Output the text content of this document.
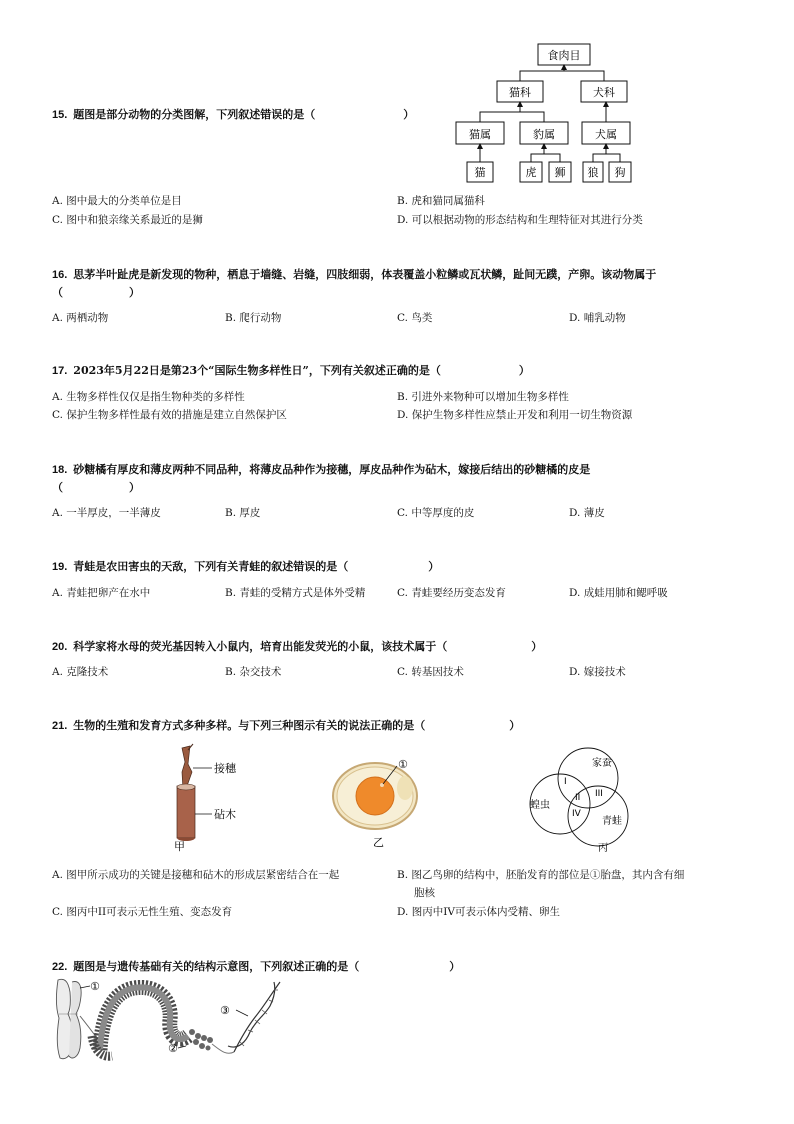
15. 题图是部分动物的分类图解，下列叙述错误的是（	）
食肉目
猫科	犬科
猫属	豹属	犬属
猫	虎 狮 狼 狗
A. 图中最大的分类单位是目	B. 虎和猫同属猫科
C. 图中和狼亲缘关系最近的是狮	D. 可以根据动物的形态结构和生理特征对其进行分类
16. 思茅半叶趾虎是新发现的物种，栖息于墙缝、岩缝，四肢细弱，体表覆盖小粒鳞或瓦状鳞，趾间无蹼，产卵。该动物属于
（　　　　　　）
A. 两栖动物	B. 爬行动物	C. 鸟类	D. 哺乳动物
17. 2023年5月22日是第23个“国际生物多样性日”，下列有关叙述正确的是（	）
A. 生物多样性仅仅是指生物种类的多样性	B. 引进外来物种可以增加生物多样性
C. 保护生物多样性最有效的措施是建立自然保护区	D. 保护生物多样性应禁止开发和利用一切生物资源
18. 砂糖橘有厚皮和薄皮两种不同品种，将薄皮品种作为接穗，厚皮品种作为砧木，嫁接后结出的砂糖橘的皮是
（　　　　　　）
A. 一半厚皮，一半薄皮	B. 厚皮	C. 中等厚度的皮	D. 薄皮
19. 青蛙是农田害虫的天敌，下列有关青蛙的叙述错误的是（	）
A. 青蛙把卵产在水中	B. 青蛙的受精方式是体外受精	C. 青蛙要经历变态发育	D. 成蛙用肺和鳃呼吸
20. 科学家将水母的荧光基因转入小鼠内，培育出能发荧光的小鼠，该技术属于（	）
A. 克隆技术	B. 杂交技术	C. 转基因技术	D. 嫁接技术
21. 生物的生殖和发育方式多种多样。与下列三种图示有关的说法正确的是（	）
接穗
砧木
甲
①
乙
家蚕
蝗虫
青蛙
I
II III
IV
丙
A. 图甲所示成功的关键是接穗和砧木的形成层紧密结合在一起	B. 图乙鸟卵的结构中，胚胎发育的部位是①胎盘，其内含有细
胞核
C. 图丙中II可表示无性生殖、变态发育	D. 图丙中IV可表示体内受精、卵生
22. 题图是与遗传基础有关的结构示意图，下列叙述正确的是（	）
①
②
③
